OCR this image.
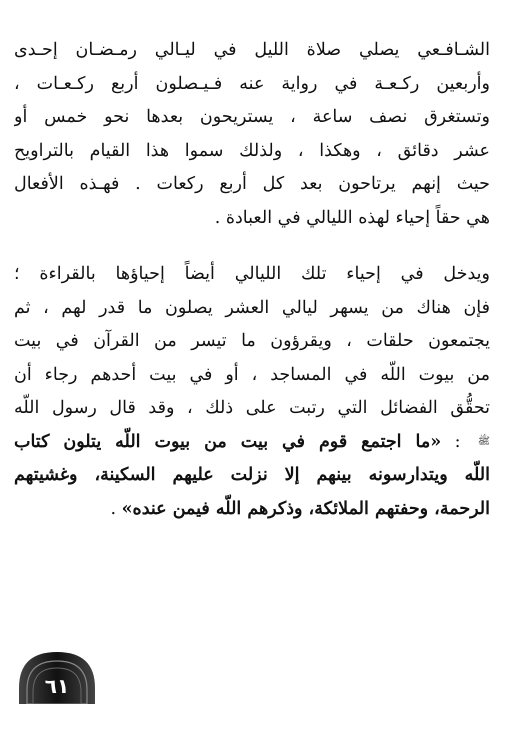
الشـافـعي يصلي صلاة الليل في ليـالي رمـضـان إحـدى
وأربعين ركـعـة في رواية عنه فـيـصلون أربع ركـعـات ،
وتستغرق نصف ساعة ، يستريحون بعدها نحو خمس أو
عشر دقائق ، وهكذا ، ولذلك سموا هذا القيام بالتراويح
حيث إنهم يرتاحون بعد كل أربع ركعات . فهـذه الأفعال
هي حقاً إحياء لهذه الليالي في العبادة .
ويدخل في إحياء تلك الليالي أيضاً إحياؤها بالقراءة ؛
فإن هناك من يسهر ليالي العشر يصلون ما قدر لهم ، ثم
يجتمعون حلقات ، ويقرؤون ما تيسر من القرآن في بيت
من بيوت اللّه في المساجد ، أو في بيت أحدهم رجاء أن
تحقُّق الفضائل التي رتبت على ذلك ، وقد قال رسول اللّه
ﷺ : «ما اجتمع قوم في بيت من بيوت اللّه يتلون كتاب
اللّه ويتدارسونه بينهم إلا نزلت عليهم السكينة، وغشيتهم
الرحمة، وحفتهم الملائكة، وذكرهم اللّه فيمن عنده» .
٦١
